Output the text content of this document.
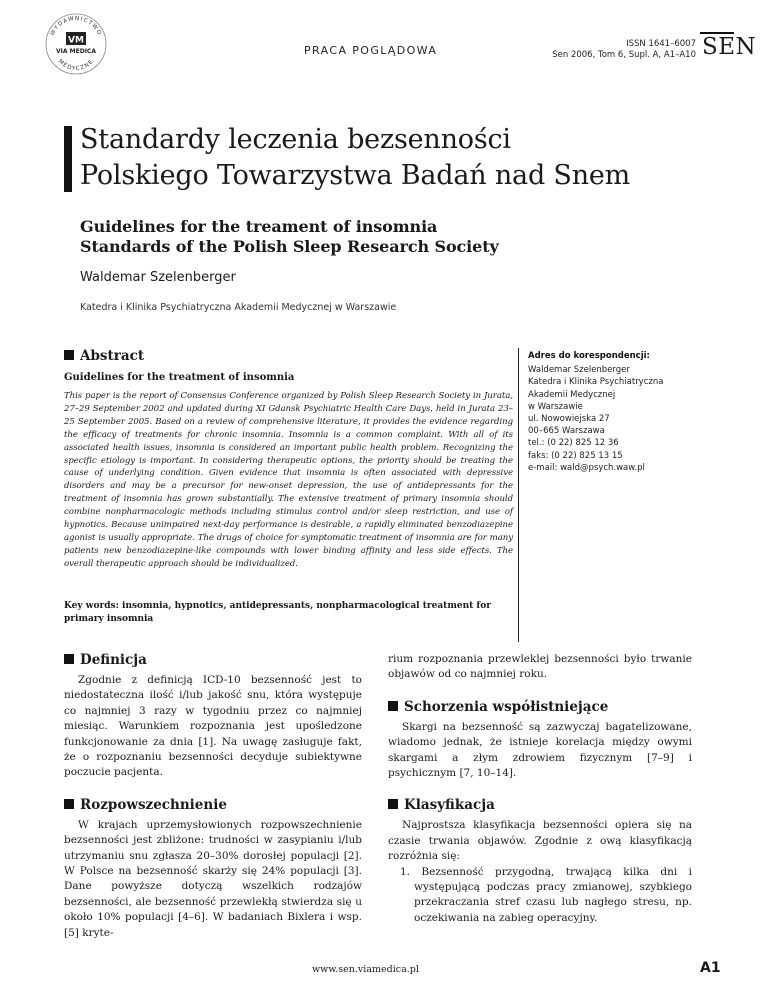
WYDAWNICTWO
MEDYCZNE
VM
VIA MEDICA	PRACA POGLĄDOWA	ISSN 1641–6007
Sen 2006, Tom 6, Supl. A, A1–A10 SEN
Standardy leczenia bezsenności
Polskiego Towarzystwa Badań nad Snem
Guidelines for the treament of insomnia
Standards of the Polish Sleep Research Society
Waldemar Szelenberger
Katedra i Klinika Psychiatryczna Akademii Medycznej w Warszawie
Abstract
Guidelines for the treatment of insomnia
This paper is the report of Consensus Conference organized by Polish Sleep Research Society in Jurata, 27–29 September 2002 and updated during XI Gdansk Psychiatric Health Care Days, held in Jurata 23–25 September 2005. Based on a review of comprehensive literature, it provides the evidence regarding the efficacy of treatments for chronic insomnia. Insomnia is a common complaint. With all of its associated health issues, insomnia is considered an important public health problem. Recognizing the specific etiology is important. In considering therapeutic options, the priority should be treating the cause of underlying condition. Given evidence that insomnia is often associated with depressive disorders and may be a precursor for new-onset depression, the use of antidepressants for the treatment of insomnia has grown substantially. The extensive treatment of primary insomnia should combine nonpharmacologic methods including stimulus control and/or sleep restriction, and use of hypnotics. Because unimpaired next-day performance is desirable, a rapidly eliminated benzodiazepine agonist is usually appropriate. The drugs of choice for symptomatic treatment of insomnia are for many patients new benzodiazepine-like compounds with lower binding affinity and less side effects. The overall therapeutic approach should be individualized.
Key words: insomnia, hypnotics, antidepressants, nonpharmacological treatment for primary insomnia
Adres do korespondencji:
Waldemar Szelenberger
Katedra i Klinika Psychiatryczna
Akademii Medycznej
w Warszawie
ul. Nowowiejska 27
00–665 Warszawa
tel.: (0 22) 825 12 36
faks: (0 22) 825 13 15
e-mail: wald@psych.waw.pl
Definicja
Zgodnie z definicją ICD-10 bezsenność jest to niedostateczna ilość i/lub jakość snu, która występuje co najmniej 3 razy w tygodniu przez co najmniej miesiąc. Warunkiem rozpoznania jest upośledzone funkcjonowanie za dnia [1]. Na uwagę zasługuje fakt, że o rozpoznaniu bezsenności decyduje subiektywne poczucie pacjenta.
Rozpowszechnienie
W krajach uprzemysłowionych rozpowszechnienie bezsenności jest zbliżone: trudności w zasypianiu i/lub utrzymaniu snu zgłasza 20–30% dorosłej populacji [2]. W Polsce na bezsenność skarży się 24% populacji [3]. Dane powyższe dotyczą wszelkich rodzajów bezsenności, ale bezsenność przewlekłą stwierdza się u około 10% populacji [4–6]. W badaniach Bixlera i wsp. [5] kryte-
rium rozpoznania przewleklej bezsenności było trwanie objawów od co najmniej roku.
Schorzenia współistniejące
Skargi na bezsenność są zazwyczaj bagatelizowane, wiadomo jednak, że istnieje korelacja między owymi skargami a złym zdrowiem fizycznym [7–9] i psychicznym [7, 10–14].
Klasyfikacja
Najprostsza klasyfikacja bezsenności opiera się na czasie trwania objawów. Zgodnie z ową klasyfikacją rozróżnia się:
1. Bezsenność przygodną, trwającą kilka dni i występującą podczas pracy zmianowej, szybkiego przekraczania stref czasu lub nagłego stresu, np. oczekiwania na zabieg operacyjny.
www.sen.viamedica.pl	A1
